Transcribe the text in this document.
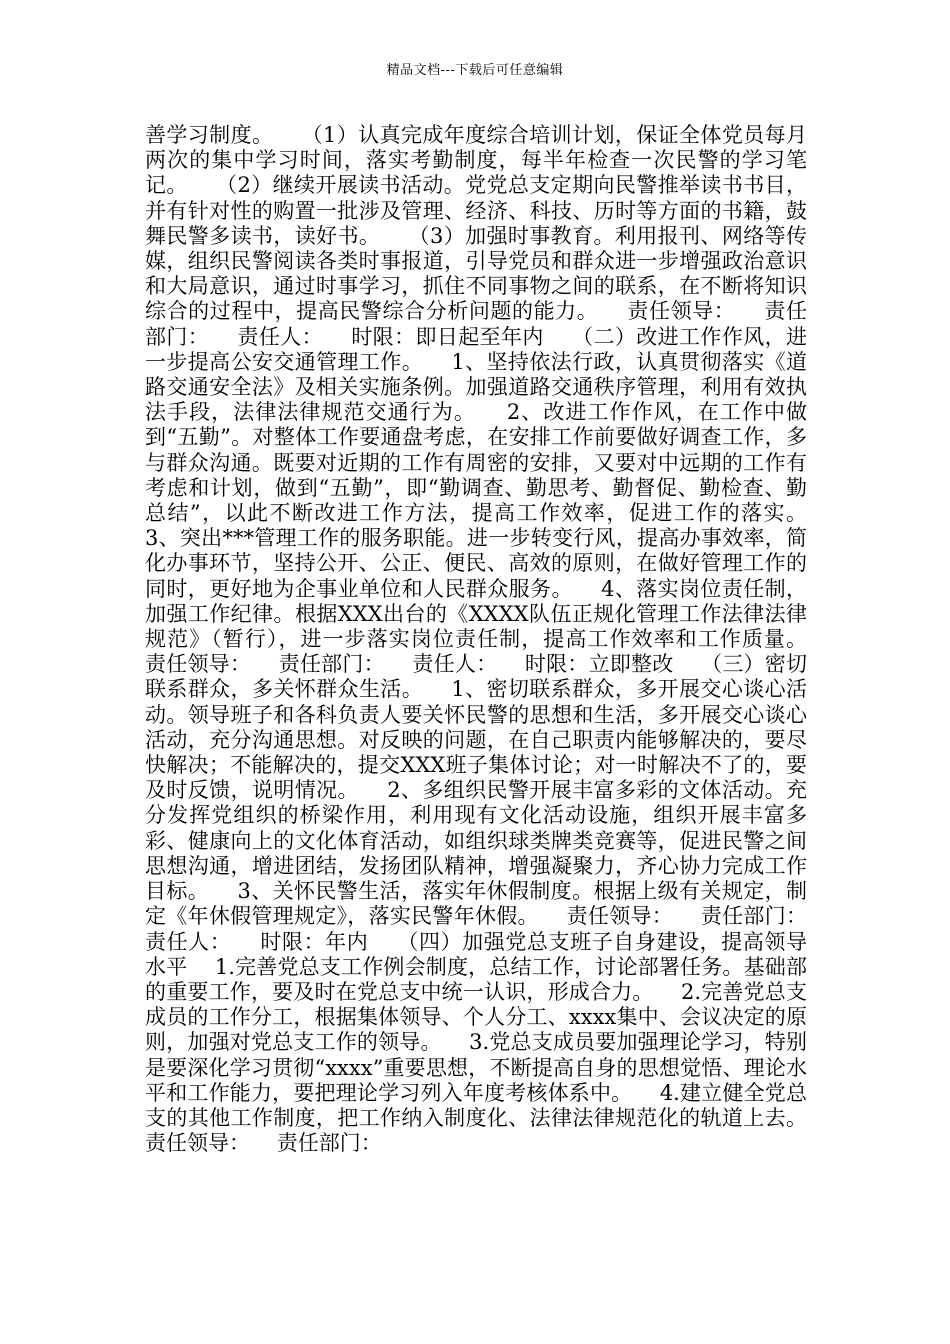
精品文档---下载后可任意编辑

善学习制度。    （1）认真完成年度综合培训计划，保证全体党员每月两次的集中学习时间，落实考勤制度，每半年检查一次民警的学习笔记。    （2）继续开展读书活动。党党总支定期向民警推举读书书目，并有针对性的购置一批涉及管理、经济、科技、历时等方面的书籍，鼓舞民警多读书，读好书。    （3）加强时事教育。利用报刊、网络等传媒，组织民警阅读各类时事报道，引导党员和群众进一步增强政治意识和大局意识，通过时事学习，抓住不同事物之间的联系，在不断将知识综合的过程中，提高民警综合分析问题的能力。    责任领导：    责任部门：    责任人：    时限：即日起至年内    （二）改进工作作风，进一步提高公安交通管理工作。    1、坚持依法行政，认真贯彻落实《道路交通安全法》及相关实施条例。加强道路交通秩序管理，利用有效执法手段，法律法律规范交通行为。    2、改进工作作风，在工作中做到“五勤”。对整体工作要通盘考虑，在安排工作前要做好调查工作，多与群众沟通。既要对近期的工作有周密的安排，又要对中远期的工作有考虑和计划，做到“五勤”，即“勤调查、勤思考、勤督促、勤检查、勤总结”，以此不断改进工作方法，提高工作效率，促进工作的落实。    3、突出***管理工作的服务职能。进一步转变行风，提高办事效率，简化办事环节，坚持公开、公正、便民、高效的原则，在做好管理工作的同时，更好地为企事业单位和人民群众服务。    4、落实岗位责任制，加强工作纪律。根据XXX出台的《XXXX队伍正规化管理工作法律法律规范》（暂行），进一步落实岗位责任制，提高工作效率和工作质量。    责任领导：    责任部门：    责任人：    时限：立即整改    （三）密切联系群众，多关怀群众生活。    1、密切联系群众，多开展交心谈心活动。领导班子和各科负责人要关怀民警的思想和生活，多开展交心谈心活动，充分沟通思想。对反映的问题，在自己职责内能够解决的，要尽快解决；不能解决的，提交XXX班子集体讨论；对一时解决不了的，要及时反馈，说明情况。    2、多组织民警开展丰富多彩的文体活动。充分发挥党组织的桥梁作用，利用现有文化活动设施，组织开展丰富多彩、健康向上的文化体育活动，如组织球类牌类竞赛等，促进民警之间思想沟通，增进团结，发扬团队精神，增强凝聚力，齐心协力完成工作目标。    3、关怀民警生活，落实年休假制度。根据上级有关规定，制定《年休假管理规定》，落实民警年休假。    责任领导：    责任部门：    责任人：    时限：年内    （四）加强党总支班子自身建设，提高领导水平    1.完善党总支工作例会制度，总结工作，讨论部署任务。基础部的重要工作，要及时在党总支中统一认识，形成合力。    2.完善党总支成员的工作分工，根据集体领导、个人分工、xxxx集中、会议决定的原则，加强对党总支工作的领导。    3.党总支成员要加强理论学习，特别是要深化学习贯彻“xxxx”重要思想，不断提高自身的思想觉悟、理论水平和工作能力，要把理论学习列入年度考核体系中。    4.建立健全党总支的其他工作制度，把工作纳入制度化、法律法律规范化的轨道上去。    责任领导：    责任部门：
